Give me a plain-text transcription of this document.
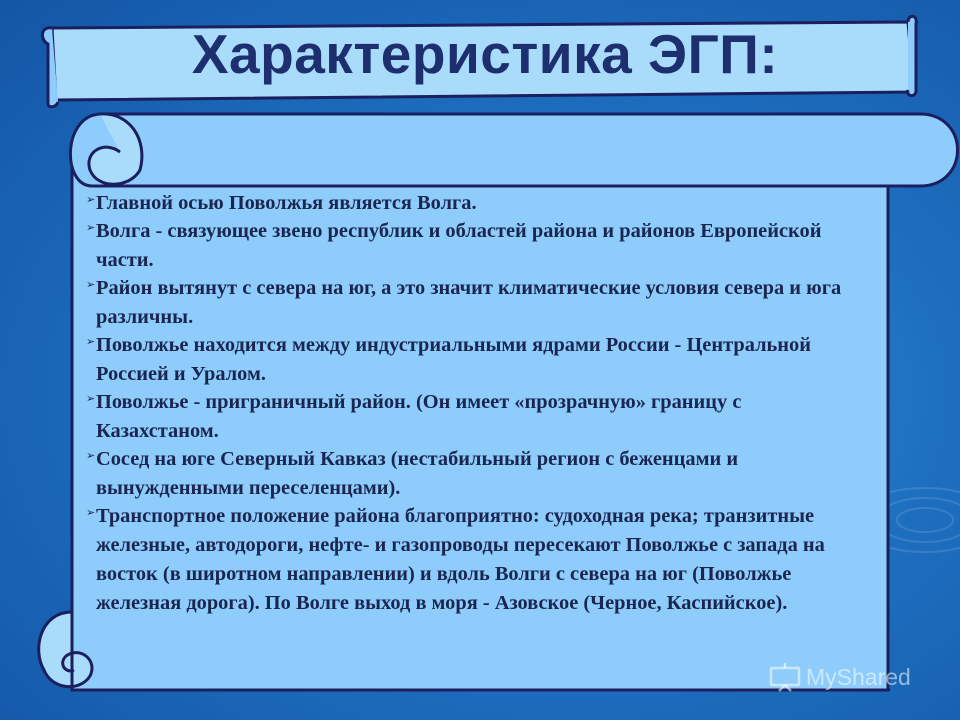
Характеристика ЭГП:
➢ Главной осью Поволжья является Волга.
➢ Волга - связующее звено республик и областей района и районов Европейской части.
➢ Район вытянут с севера на юг, а это значит климатические условия севера и юга различны.
➢ Поволжье находится между индустриальными ядрами России - Центральной Россией и Уралом.
➢ Поволжье - приграничный район. (Он имеет «прозрачную» границу с Казахстаном.
➢ Сосед на юге Северный Кавказ (нестабильный регион с беженцами и вынужденными переселенцами).
➢ Транспортное положение района благоприятно: судоходная река; транзитные железные, автодороги, нефте- и газопроводы пересекают Поволжье с запада на восток (в широтном направлении) и вдоль Волги с севера на юг (Поволжье железная дорога). По Волге выход в моря - Азовское (Черное, Каспийское).
MyShared
